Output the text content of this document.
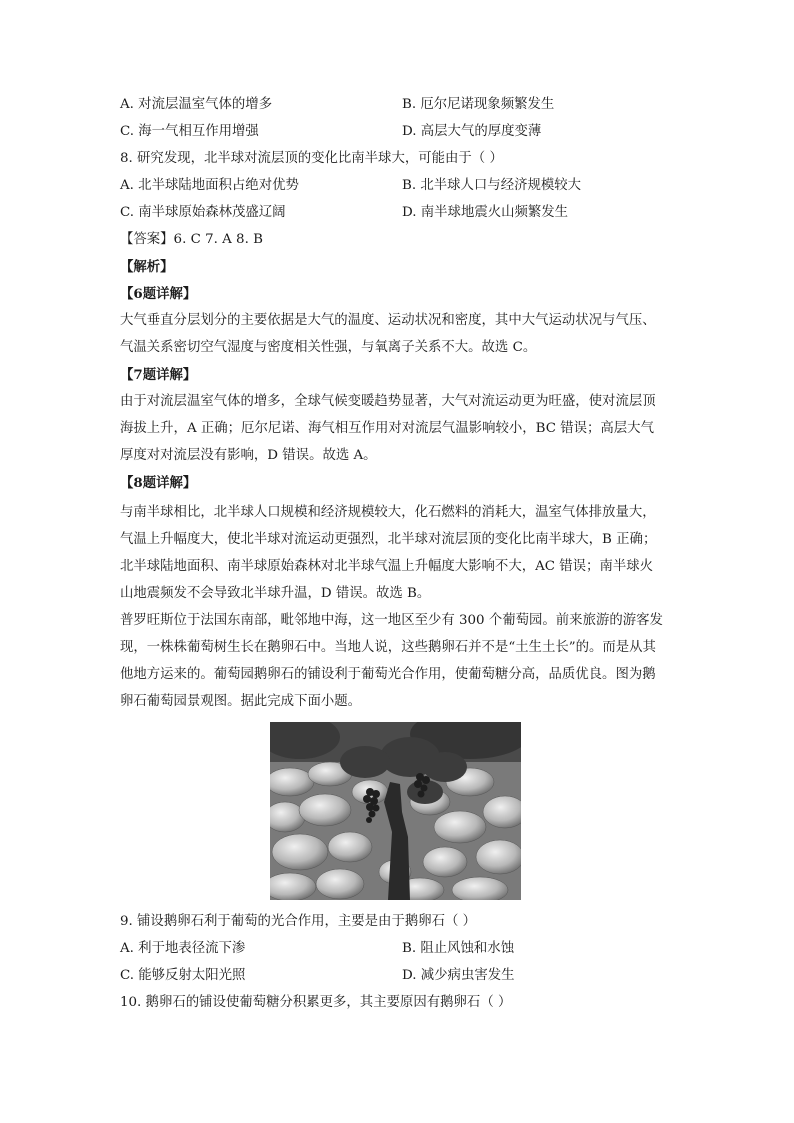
A. 对流层温室气体的增多	B. 厄尔尼诺现象频繁发生
C. 海一气相互作用增强	D. 高层大气的厚度变薄
8. 研究发现，北半球对流层顶的变化比南半球大，可能由于（ ）
A. 北半球陆地面积占绝对优势	B. 北半球人口与经济规模较大
C. 南半球原始森林茂盛辽阔	D. 南半球地震火山频繁发生
【答案】6. C 7. A 8. B
【解析】
【6题详解】
大气垂直分层划分的主要依据是大气的温度、运动状况和密度，其中大气运动状况与气压、
气温关系密切空气湿度与密度相关性强，与氧离子关系不大。故选 C。
【7题详解】
由于对流层温室气体的增多，全球气候变暖趋势显著，大气对流运动更为旺盛，使对流层顶
海拔上升，A 正确；厄尔尼诺、海气相互作用对对流层气温影响较小，BC 错误；高层大气
厚度对对流层没有影响，D 错误。故选 A。
【8题详解】
与南半球相比，北半球人口规模和经济规模较大，化石燃料的消耗大，温室气体排放量大，
气温上升幅度大，使北半球对流运动更强烈，北半球对流层顶的变化比南半球大，B 正确；
北半球陆地面积、南半球原始森林对北半球气温上升幅度大影响不大，AC 错误；南半球火
山地震频发不会导致北半球升温，D 错误。故选 B。
普罗旺斯位于法国东南部，毗邻地中海，这一地区至少有 300 个葡萄园。前来旅游的游客发
现，一株株葡萄树生长在鹅卵石中。当地人说，这些鹅卵石并不是“土生土长”的。而是从其
他地方运来的。葡萄园鹅卵石的铺设利于葡萄光合作用，使葡萄糖分高，品质优良。图为鹅
卵石葡萄园景观图。据此完成下面小题。
9. 铺设鹅卵石利于葡萄的光合作用，主要是由于鹅卵石（ ）
A. 利于地表径流下渗	B. 阻止风蚀和水蚀
C. 能够反射太阳光照	D. 减少病虫害发生
10. 鹅卵石的铺设使葡萄糖分积累更多，其主要原因有鹅卵石（ ）
